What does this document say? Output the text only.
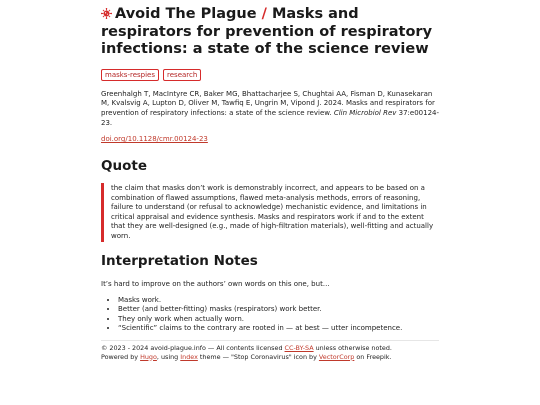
Avoid The Plague / Masks and respirators for prevention of respiratory infections: a state of the science review
masks-respies	research
Greenhalgh T, MacIntyre CR, Baker MG, Bhattacharjee S, Chughtai AA, Fisman D, Kunasekaran M, Kvalsvig A, Lupton D, Oliver M, Tawfiq E, Ungrin M, Vipond J. 2024. Masks and respirators for prevention of respiratory infections: a state of the science review. Clin Microbiol Rev 37:e00124-23.
doi.org/10.1128/cmr.00124-23
Quote
the claim that masks don’t work is demonstrably incorrect, and appears to be based on a combination of flawed assumptions, flawed meta-analysis methods, errors of reasoning, failure to understand (or refusal to acknowledge) mechanistic evidence, and limitations in critical appraisal and evidence synthesis. Masks and respirators work if and to the extent that they are well-designed (e.g., made of high-filtration materials), well-fitting and actually worn.
Interpretation Notes
It’s hard to improve on the authors’ own words on this one, but…
• Masks work.
• Better (and better-fitting) masks (respirators) work better.
• They only work when actually worn.
• “Scientific” claims to the contrary are rooted in — at best — utter incompetence.
© 2023 - 2024 avoid-plague.info — All contents licensed CC-BY-SA unless otherwise noted.
Powered by Hugo, using Index theme — "Stop Coronavirus" icon by VectorCorp on Freepik.
